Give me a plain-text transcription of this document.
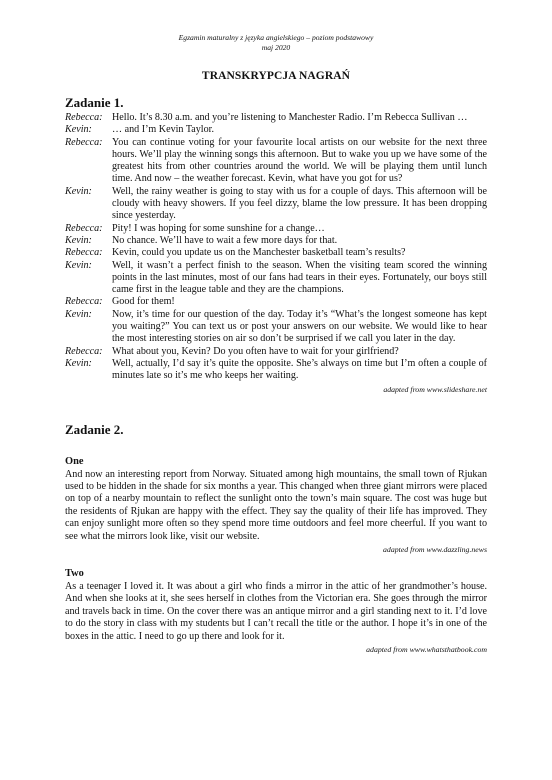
Egzamin maturalny z języka angielskiego – poziom podstawowy
maj 2020
TRANSKRYPCJA NAGRAŃ
Zadanie 1.
Rebecca: Hello. It’s 8.30 a.m. and you’re listening to Manchester Radio. I’m Rebecca Sullivan …
Kevin:	… and I’m Kevin Taylor.
Rebecca: You can continue voting for your favourite local artists on our website for the next three hours. We’ll play the winning songs this afternoon. But to wake you up we have some of the greatest hits from other countries around the world. We will be playing them until lunch time. And now – the weather forecast. Kevin, what have you got for us?
Kevin:	Well, the rainy weather is going to stay with us for a couple of days. This afternoon will be cloudy with heavy showers. If you feel dizzy, blame the low pressure. It has been dropping since yesterday.
Rebecca: Pity! I was hoping for some sunshine for a change…
Kevin:	No chance. We’ll have to wait a few more days for that.
Rebecca: Kevin, could you update us on the Manchester basketball team’s results?
Kevin:	Well, it wasn’t a perfect finish to the season. When the visiting team scored the winning points in the last minutes, most of our fans had tears in their eyes. Fortunately, our boys still came first in the league table and they are the champions.
Rebecca: Good for them!
Kevin:	Now, it’s time for our question of the day. Today it’s “What’s the longest someone has kept you waiting?” You can text us or post your answers on our website. We would like to hear the most interesting stories on air so don’t be surprised if we call you later in the day.
Rebecca: What about you, Kevin? Do you often have to wait for your girlfriend?
Kevin:	Well, actually, I’d say it’s quite the opposite. She’s always on time but I’m often a couple of minutes late so it’s me who keeps her waiting.
adapted from www.slideshare.net
Zadanie 2.
One
And now an interesting report from Norway. Situated among high mountains, the small town of Rjukan used to be hidden in the shade for six months a year. This changed when three giant mirrors were placed on top of a nearby mountain to reflect the sunlight onto the town’s main square. The cost was huge but the residents of Rjukan are happy with the effect. They say the quality of their life has improved. They can enjoy sunlight more often so they spend more time outdoors and feel more cheerful. If you want to see what the mirrors look like, visit our website.
adapted from www.dazzling.news
Two
As a teenager I loved it. It was about a girl who finds a mirror in the attic of her grandmother’s house. And when she looks at it, she sees herself in clothes from the Victorian era. She goes through the mirror and travels back in time. On the cover there was an antique mirror and a girl standing next to it. I’d love to do the story in class with my students but I can’t recall the title or the author. I hope it’s in one of the boxes in the attic. I need to go up there and look for it.
adapted from www.whatsthatbook.com
